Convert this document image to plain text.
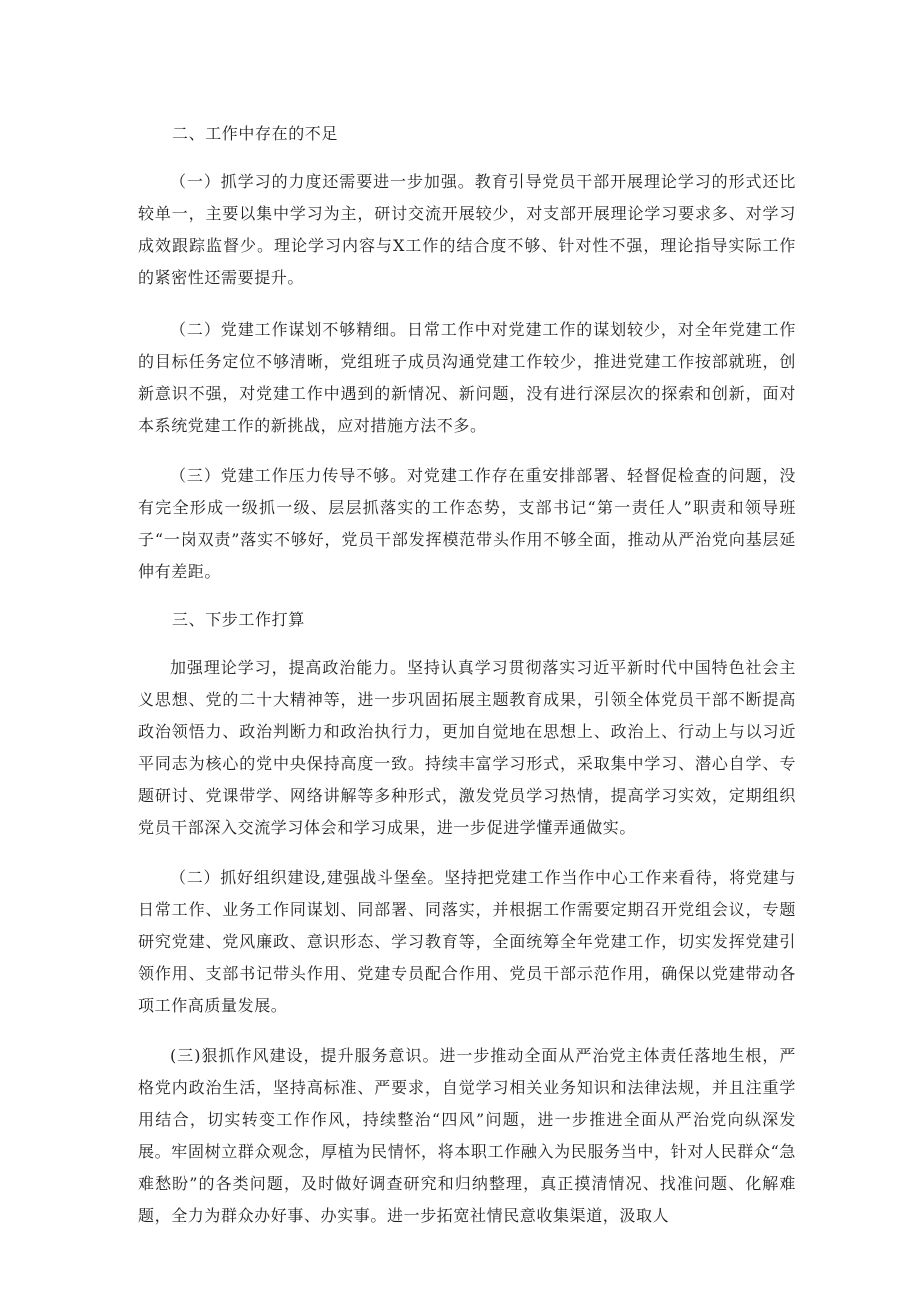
二、工作中存在的不足

（一）抓学习的力度还需要进一步加强。教育引导党员干部开展理论学习的形式还比较单一，主要以集中学习为主，研讨交流开展较少，对支部开展理论学习要求多、对学习成效跟踪监督少。理论学习内容与X工作的结合度不够、针对性不强，理论指导实际工作的紧密性还需要提升。

（二）党建工作谋划不够精细。日常工作中对党建工作的谋划较少，对全年党建工作的目标任务定位不够清晰，党组班子成员沟通党建工作较少，推进党建工作按部就班，创新意识不强，对党建工作中遇到的新情况、新问题，没有进行深层次的探索和创新，面对本系统党建工作的新挑战，应对措施方法不多。

（三）党建工作压力传导不够。对党建工作存在重安排部署、轻督促检查的问题，没有完全形成一级抓一级、层层抓落实的工作态势，支部书记“第一责任人”职责和领导班子“一岗双责”落实不够好，党员干部发挥模范带头作用不够全面，推动从严治党向基层延伸有差距。

三、下步工作打算

加强理论学习，提高政治能力。坚持认真学习贯彻落实习近平新时代中国特色社会主义思想、党的二十大精神等，进一步巩固拓展主题教育成果，引领全体党员干部不断提高政治领悟力、政治判断力和政治执行力，更加自觉地在思想上、政治上、行动上与以习近平同志为核心的党中央保持高度一致。持续丰富学习形式，采取集中学习、潜心自学、专题研讨、党课带学、网络讲解等多种形式，激发党员学习热情，提高学习实效，定期组织党员干部深入交流学习体会和学习成果，进一步促进学懂弄通做实。

（二）抓好组织建设,建强战斗堡垒。坚持把党建工作当作中心工作来看待，将党建与日常工作、业务工作同谋划、同部署、同落实，并根据工作需要定期召开党组会议，专题研究党建、党风廉政、意识形态、学习教育等，全面统筹全年党建工作，切实发挥党建引领作用、支部书记带头作用、党建专员配合作用、党员干部示范作用，确保以党建带动各项工作高质量发展。

(三)狠抓作风建设，提升服务意识。进一步推动全面从严治党主体责任落地生根，严格党内政治生活，坚持高标准、严要求，自觉学习相关业务知识和法律法规，并且注重学用结合，切实转变工作作风，持续整治“四风”问题，进一步推进全面从严治党向纵深发展。牢固树立群众观念，厚植为民情怀，将本职工作融入为民服务当中，针对人民群众“急难愁盼”的各类问题，及时做好调查研究和归纳整理，真正摸清情况、找准问题、化解难题，全力为群众办好事、办实事。进一步拓宽社情民意收集渠道，汲取人
